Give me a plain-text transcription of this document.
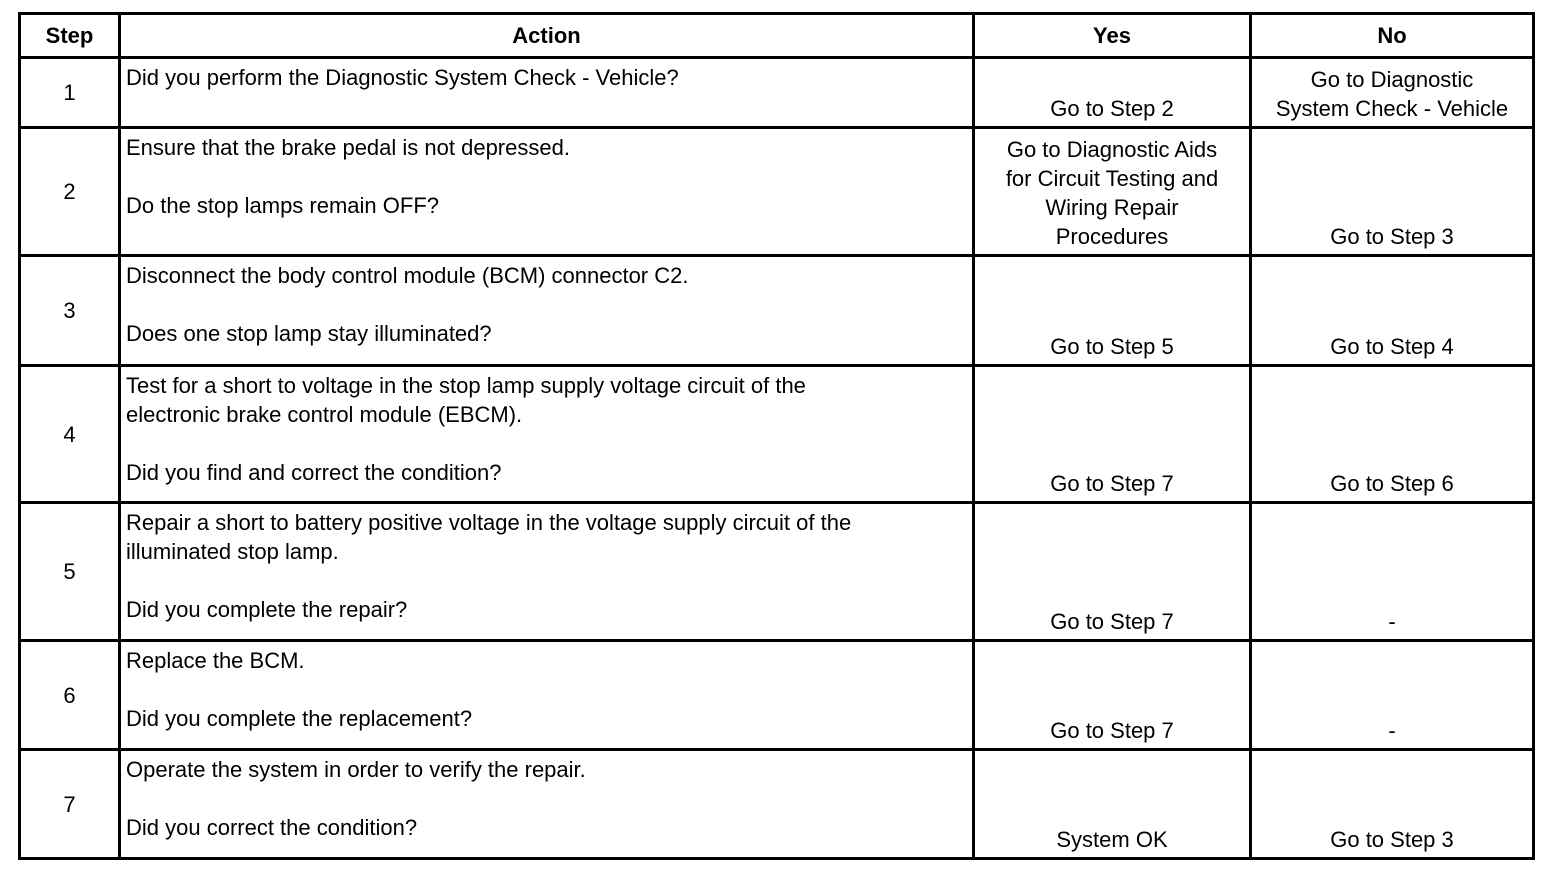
Step	Action	Yes	No
1	Did you perform the Diagnostic System Check - Vehicle?	Go to Step 2	Go to Diagnostic
System Check - Vehicle

2	Ensure that the brake pedal is not depressed.
Do the stop lamps remain OFF?	Go to Diagnostic Aids
for Circuit Testing and
Wiring Repair
Procedures	Go to Step 3

3	Disconnect the body control module (BCM) connector C2.
Does one stop lamp stay illuminated?	Go to Step 5	Go to Step 4

4	Test for a short to voltage in the stop lamp supply voltage circuit of the
electronic brake control module (EBCM).
Did you find and correct the condition?	Go to Step 7	Go to Step 6

5	Repair a short to battery positive voltage in the voltage supply circuit of the
illuminated stop lamp.
Did you complete the repair?	Go to Step 7	-

6	Replace the BCM.
Did you complete the replacement?	Go to Step 7	-

7	Operate the system in order to verify the repair.
Did you correct the condition?	System OK	Go to Step 3
